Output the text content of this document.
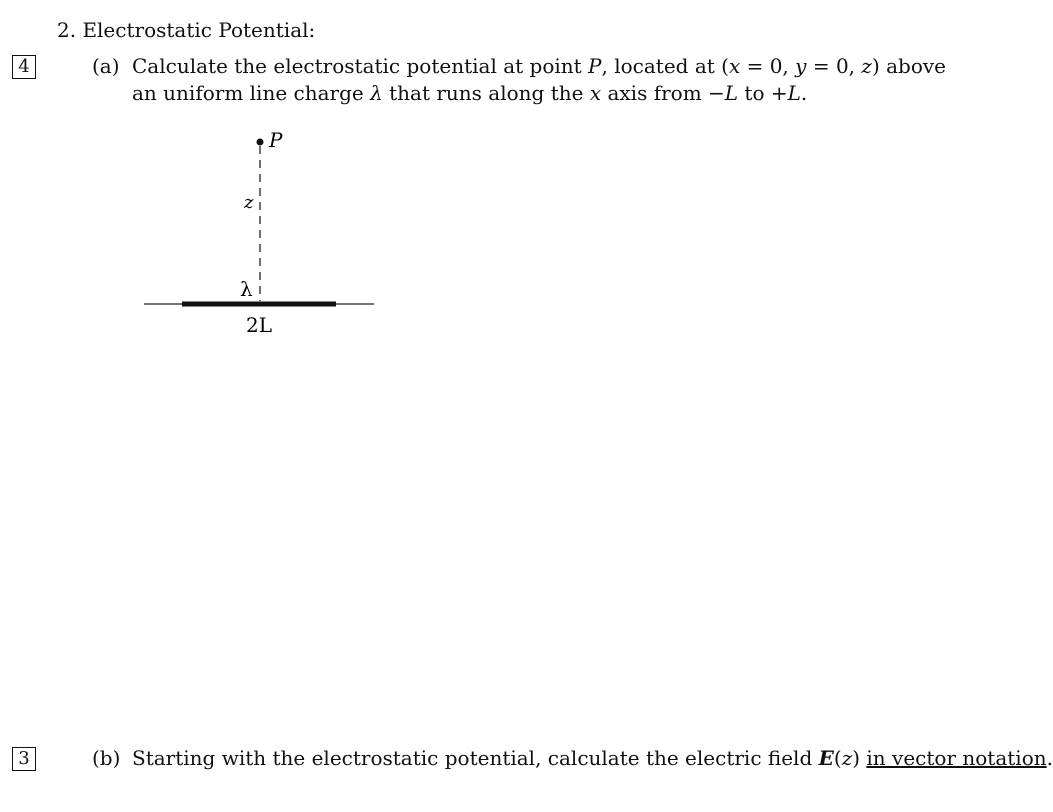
2. Electrostatic Potential:
4	(a) Calculate the electrostatic potential at point P, located at (x = 0, y = 0, z) above
an uniform line charge λ that runs along the x axis from −L to +L.
P
z
λ
2L
3	(b) Starting with the electrostatic potential, calculate the electric field E(z) in vector notation.
